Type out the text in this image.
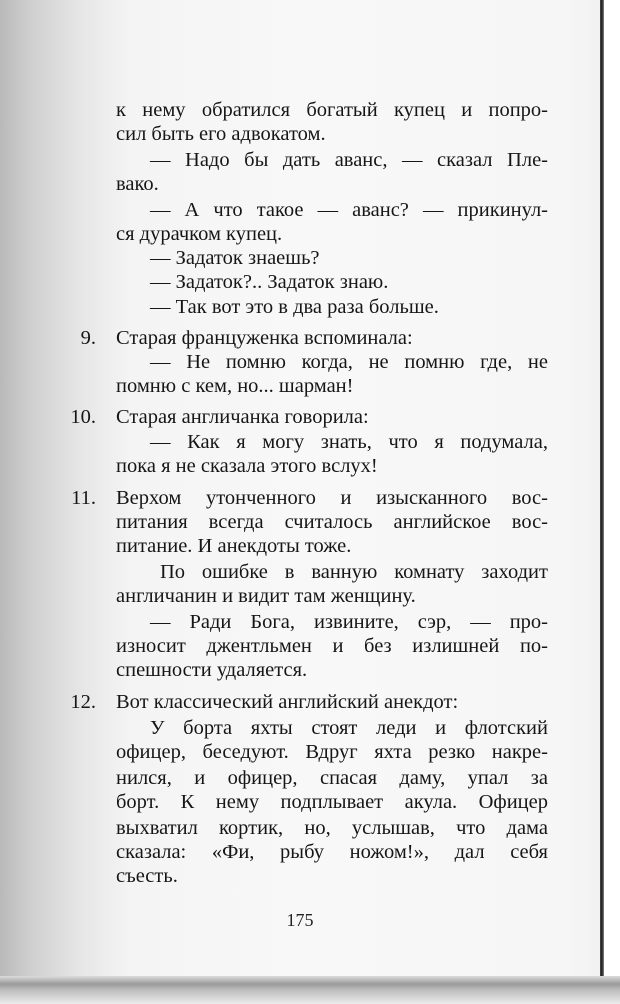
к нему обратился богатый купец и попро-
сил быть его адвокатом.
— Надо бы дать аванс, — сказал Пле-
вако.
— А что такое — аванс? — прикинул-
ся дурачком купец.
— Задаток знаешь?
— Задаток?.. Задаток знаю.
— Так вот это в два раза больше.
9. Старая француженка вспоминала:
— Не помню когда, не помню где, не
помню с кем, но... шарман!
10. Старая англичанка говорила:
— Как я могу знать, что я подумала,
пока я не сказала этого вслух!
11. Верхом утонченного и изысканного вос-
питания всегда считалось английское вос-
питание. И анекдоты тоже.
По ошибке в ванную комнату заходит
англичанин и видит там женщину.
— Ради Бога, извините, сэр, — про-
износит джентльмен и без излишней по-
спешности удаляется.
12. Вот классический английский анекдот:
У борта яхты стоят леди и флотский
офицер, беседуют. Вдруг яхта резко накре-
нился, и офицер, спасая даму, упал за
борт. К нему подплывает акула. Офицер
выхватил кортик, но, услышав, что дама
сказала: «Фи, рыбу ножом!», дал себя
съесть.
175
